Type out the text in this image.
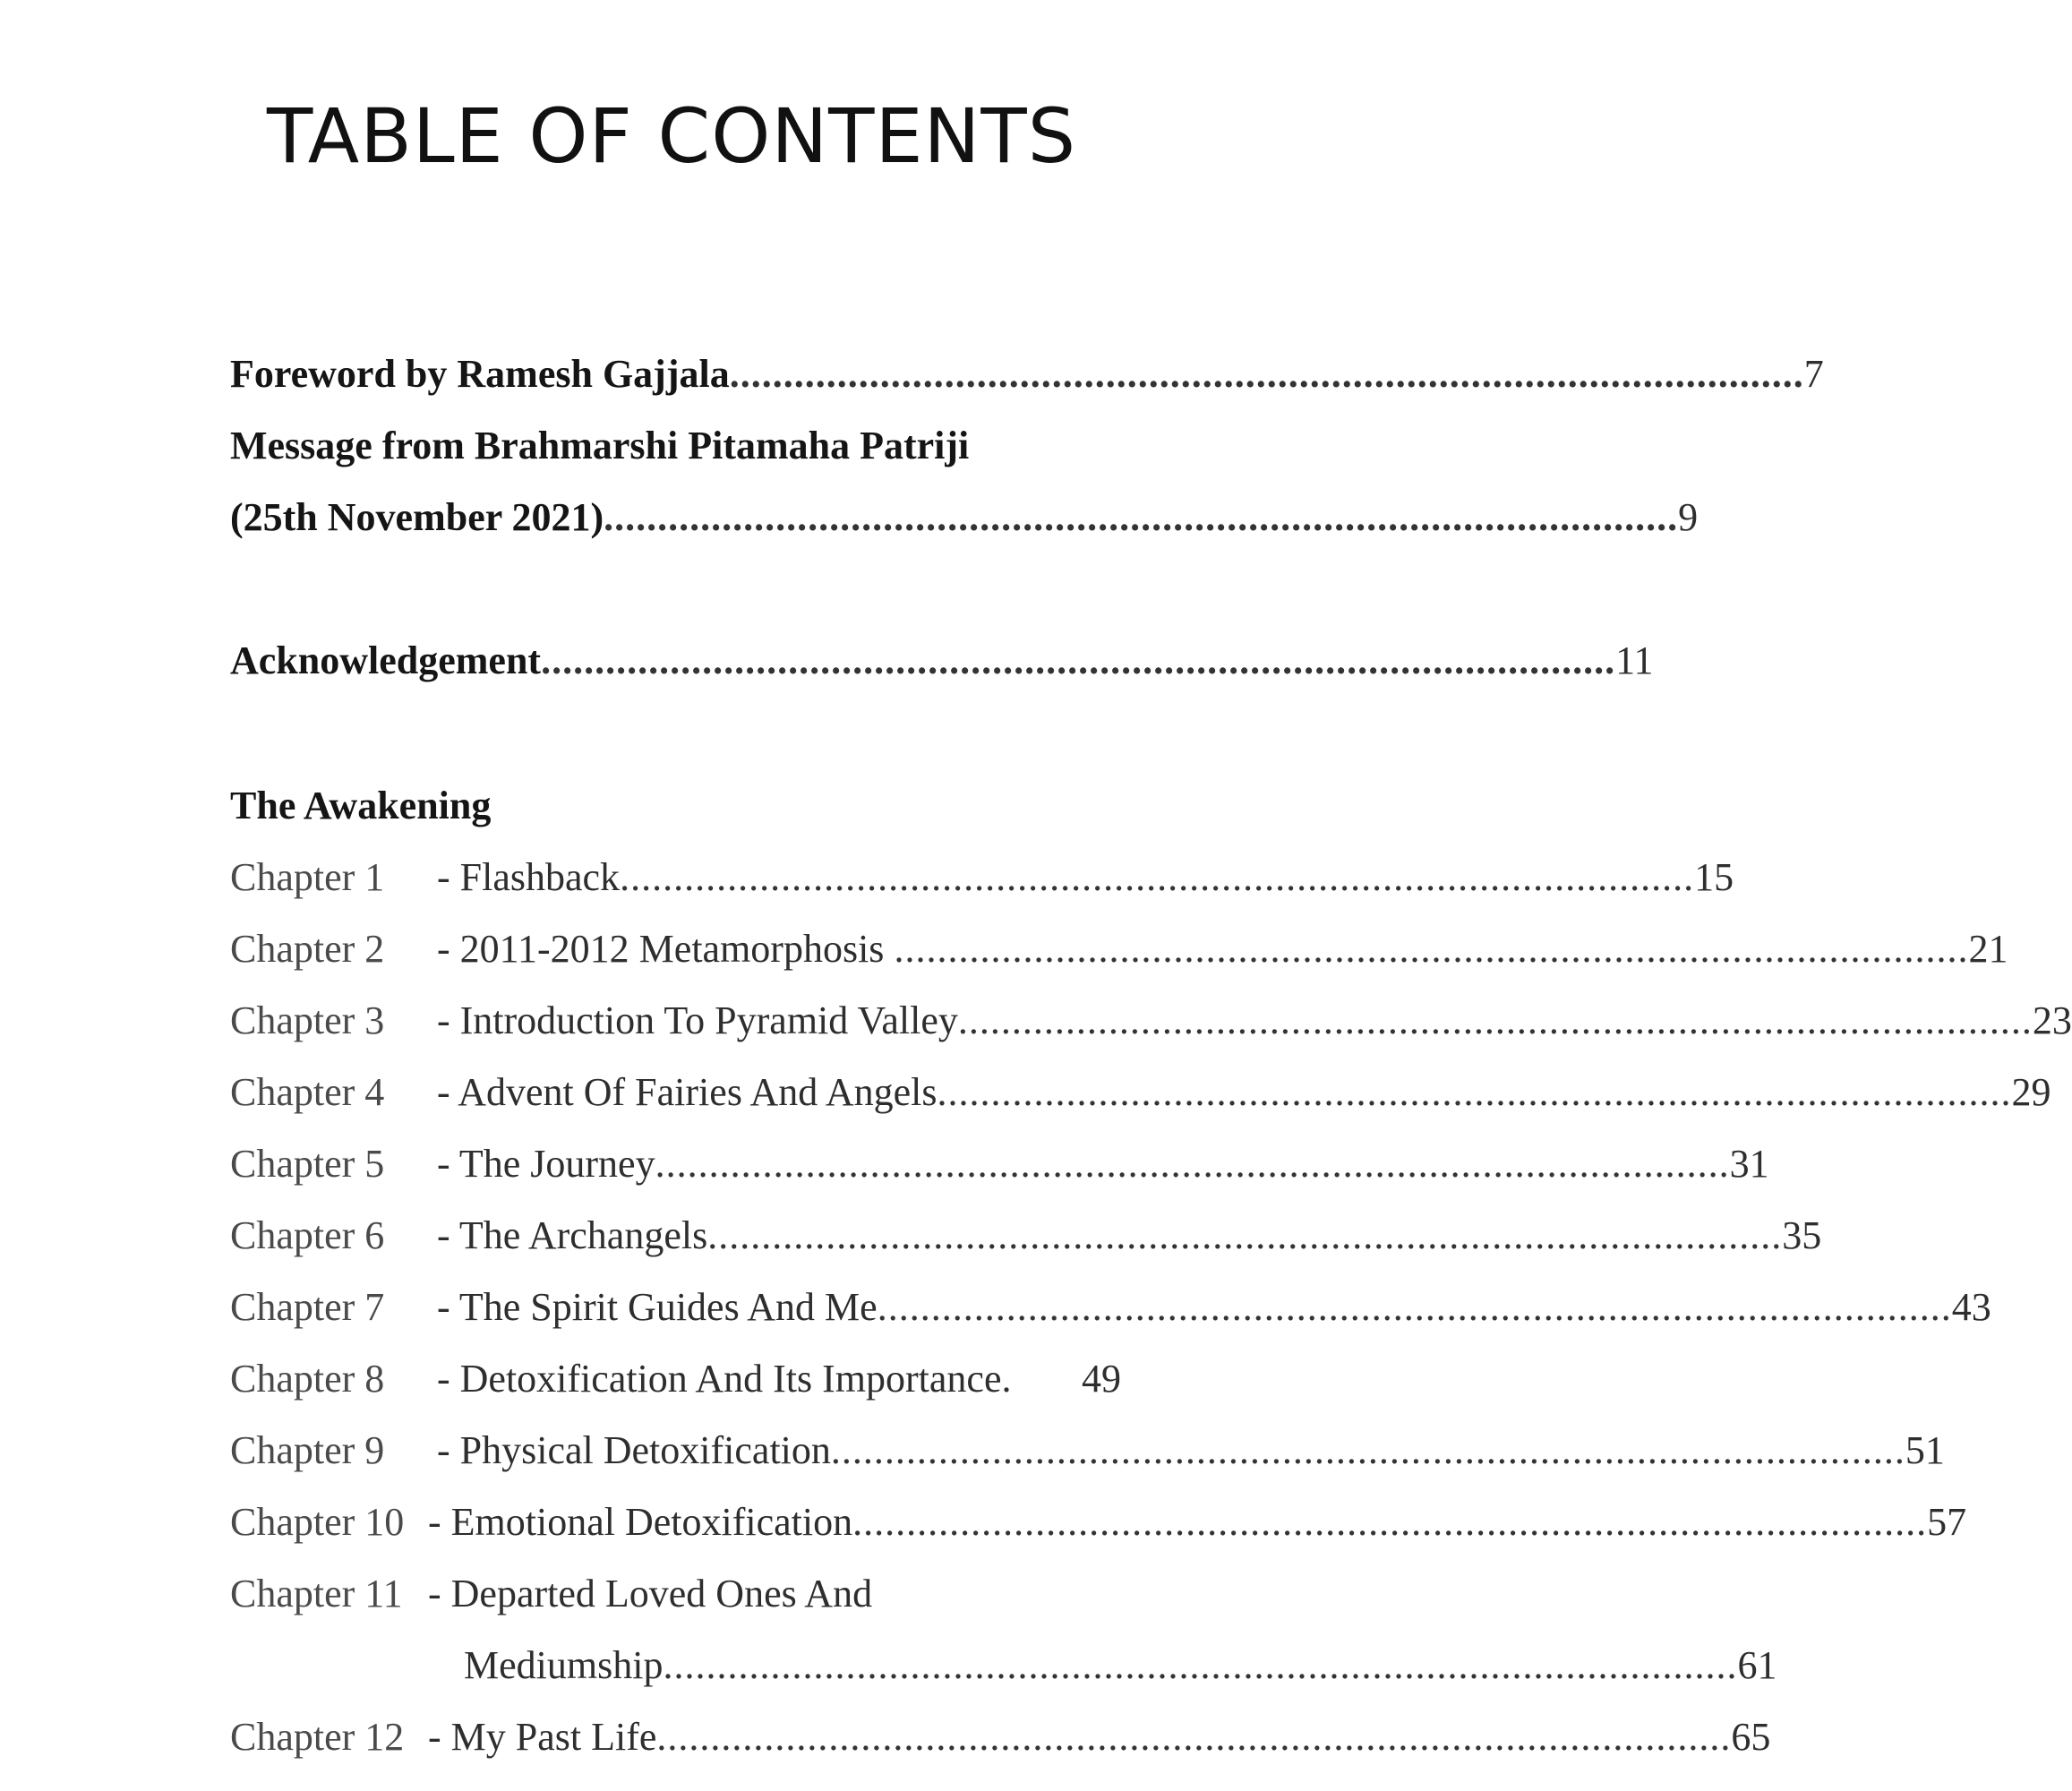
TABLE OF CONTENTS
Foreword by Ramesh Gajjala .................................................................................................... 7
Message from Brahmarshi Pitamaha Patriji
(25th November 2021) .................................................................................................... 9
Acknowledgement .................................................................................................... 11
The Awakening
Chapter 1	- Flashback .................................................................................................... 15
Chapter 2	- 2011-2012 Metamorphosis .................................................................................................... 21
Chapter 3	- Introduction To Pyramid Valley .................................................................................................... 23
Chapter 4	- Advent Of Fairies And Angels .................................................................................................... 29
Chapter 5	- The Journey .................................................................................................... 31
Chapter 6	- The Archangels .................................................................................................... 35
Chapter 7	- The Spirit Guides And Me .................................................................................................... 43
Chapter 8	- Detoxification And Its Importance. 49
Chapter 9	- Physical Detoxification .................................................................................................... 51
Chapter 10 - Emotional Detoxification .................................................................................................... 57
Chapter 11 - Departed Loved Ones And
Mediumship .................................................................................................... 61
Chapter 12 - My Past Life .................................................................................................... 65
